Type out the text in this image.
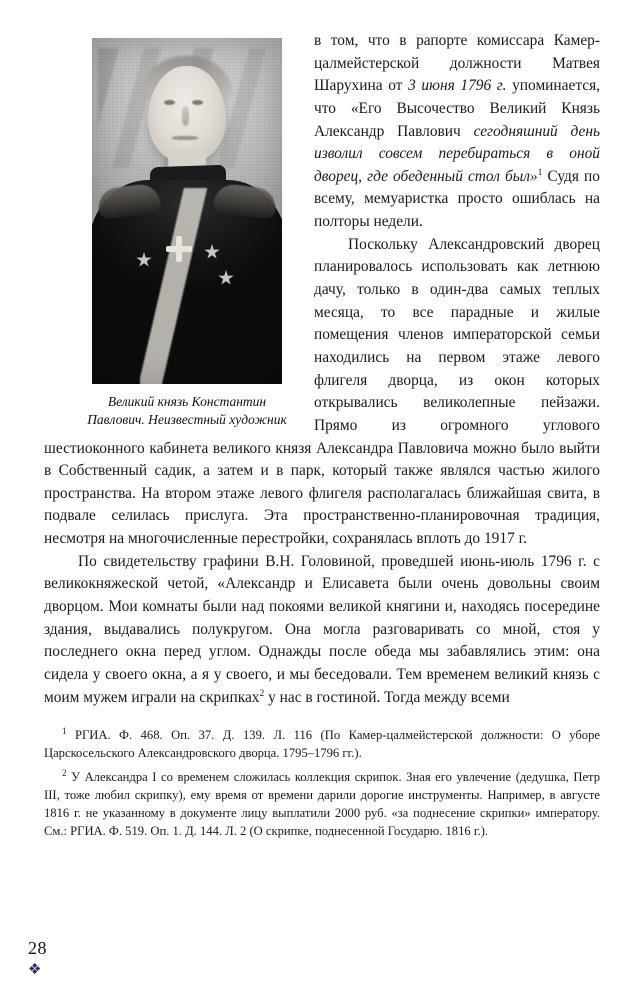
Великий князь Константин
Павлович. Неизвестный художник

в том, что в рапорте комиссара Камер-цалмейстерской должности Матвея Шарухина от 3 июня 1796 г. упоминается, что «Его Высочество Великий Князь Александр Павлович сегодняшний день изволил совсем перебираться в оной дворец, где обеденный стол был»$^1$ Судя по всему, мемуаристка просто ошиблась на полторы недели.

Поскольку Александровский дворец планировалось использовать как летнюю дачу, только в один-два самых теплых месяца, то все парадные и жилые помещения членов императорской семьи находились на первом этаже левого флигеля дворца, из окон которых открывались великолепные пейзажи. Прямо из огромного углового шестиоконного кабинета великого князя Александра Павловича можно было выйти в Собственный садик, а затем и в парк, который также являлся частью жилого пространства. На втором этаже левого флигеля располагалась ближайшая свита, в подвале селилась прислуга. Эта пространственно-планировочная традиция, несмотря на многочисленные перестройки, сохранялась вплоть до 1917 г.

По свидетельству графини В.Н. Головиной, проведшей июнь-июль 1796 г. с великокняжеской четой, «Александр и Елисавета были очень довольны своим дворцом. Мои комнаты были над покоями великой княгини и, находясь посередине здания, выдавались полукругом. Она могла разговаривать со мной, стоя у последнего окна перед углом. Однажды после обеда мы забавлялись этим: она сидела у своего окна, а я у своего, и мы беседовали. Тем временем великий князь с моим мужем играли на скрипках$^2$ у нас в гостиной. Тогда между всеми

$^1$ РГИА. Ф. 468. Оп. 37. Д. 139. Л. 116 (По Камер-цалмейстерской должности: О уборе Царскосельского Александровского дворца. 1795–1796 гг.).

$^2$ У Александра I со временем сложилась коллекция скрипок. Зная его увлечение (дедушка, Петр III, тоже любил скрипку), ему время от времени дарили дорогие инструменты. Например, в августе 1816 г. не указанному в документе лицу выплатили 2000 руб. «за поднесение скрипки» императору. См.: РГИА. Ф. 519. Оп. 1. Д. 144. Л. 2 (О скрипке, поднесенной Государю. 1816 г.).

28
❖
